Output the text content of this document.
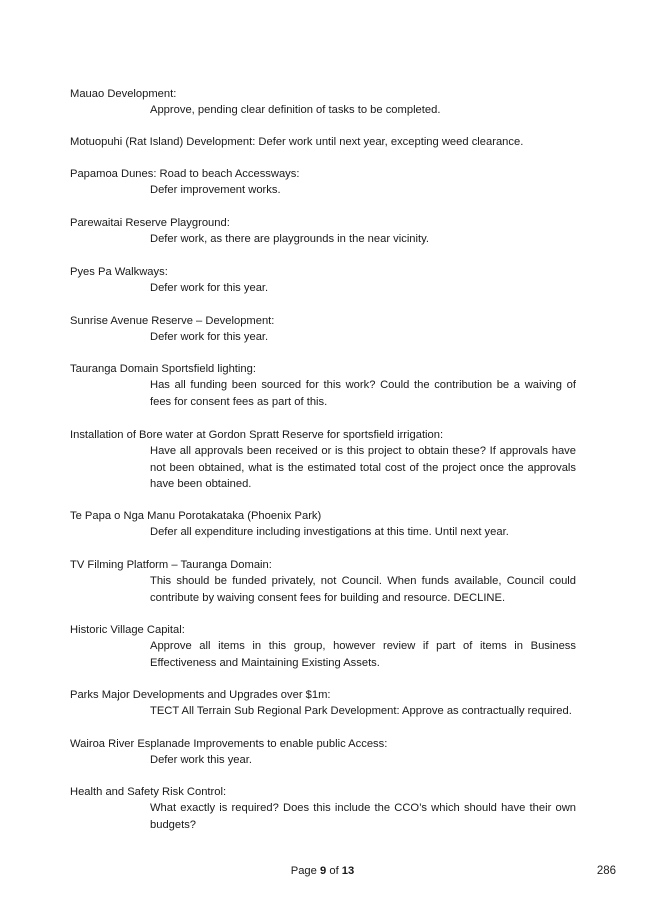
Mauao Development:
Approve, pending clear definition of tasks to be completed.
Motuopuhi (Rat Island) Development: Defer work until next year, excepting weed clearance.
Papamoa Dunes: Road to beach Accessways:
Defer improvement works.
Parewaitai Reserve Playground:
Defer work, as there are playgrounds in the near vicinity.
Pyes Pa Walkways:
Defer work for this year.
Sunrise Avenue Reserve – Development:
Defer work for this year.
Tauranga Domain Sportsfield lighting:
Has all funding been sourced for this work? Could the contribution be a waiving of fees for consent fees as part of this.
Installation of Bore water at Gordon Spratt Reserve for sportsfield irrigation:
Have all approvals been received or is this project to obtain these? If approvals have not been obtained, what is the estimated total cost of the project once the approvals have been obtained.
Te Papa o Nga Manu Porotakataka (Phoenix Park)
Defer all expenditure including investigations at this time. Until next year.
TV Filming Platform – Tauranga Domain:
This should be funded privately, not Council. When funds available, Council could contribute by waiving consent fees for building and resource. DECLINE.
Historic Village Capital:
Approve all items in this group, however review if part of items in Business Effectiveness and Maintaining Existing Assets.
Parks Major Developments and Upgrades over $1m:
TECT All Terrain Sub Regional Park Development: Approve as contractually required.
Wairoa River Esplanade Improvements to enable public Access:
Defer work this year.
Health and Safety Risk Control:
What exactly is required? Does this include the CCO’s which should have their own budgets?
Page 9 of 13	286
